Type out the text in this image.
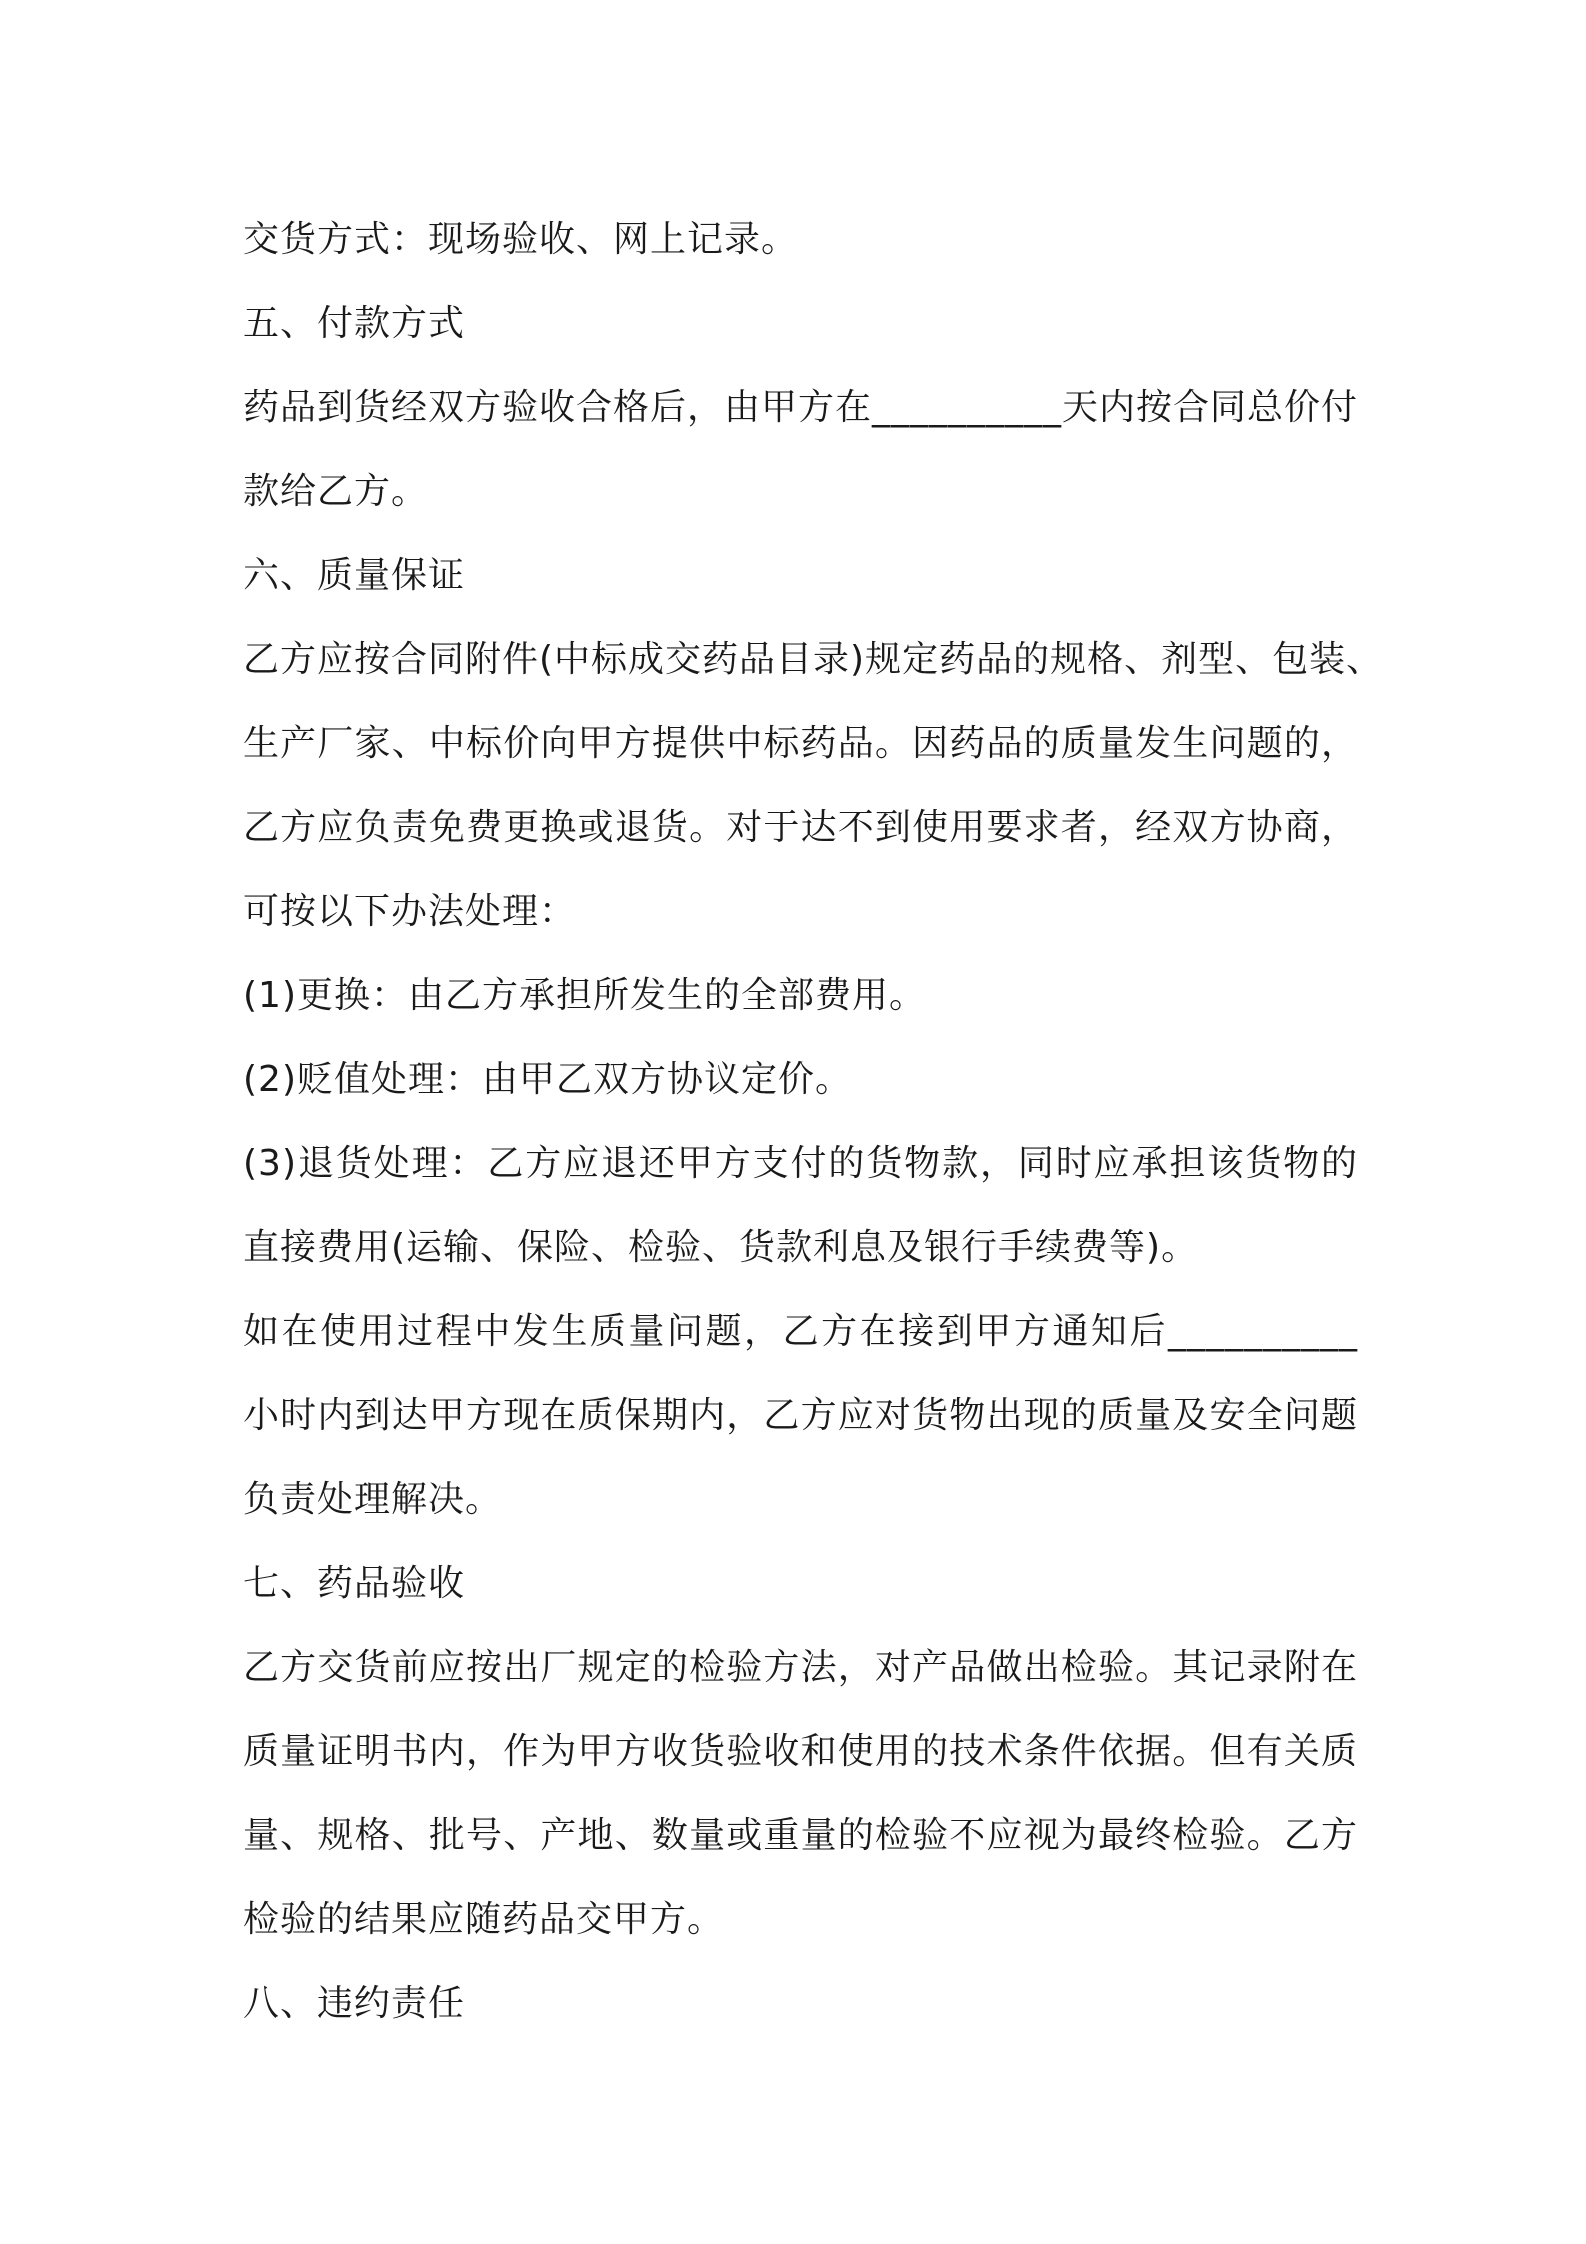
交货方式：现场验收、网上记录。
五、付款方式
药品到货经双方验收合格后，由甲方在__________天内按合同总价付
款给乙方。
六、质量保证
乙方应按合同附件(中标成交药品目录)规定药品的规格、剂型、包装、
生产厂家、中标价向甲方提供中标药品。因药品的质量发生问题的，
乙方应负责免费更换或退货。对于达不到使用要求者，经双方协商，
可按以下办法处理：
(1)更换：由乙方承担所发生的全部费用。
(2)贬值处理：由甲乙双方协议定价。
(3)退货处理：乙方应退还甲方支付的货物款，同时应承担该货物的
直接费用(运输、保险、检验、货款利息及银行手续费等)。
如在使用过程中发生质量问题，乙方在接到甲方通知后__________
小时内到达甲方现在质保期内，乙方应对货物出现的质量及安全问题
负责处理解决。
七、药品验收
乙方交货前应按出厂规定的检验方法，对产品做出检验。其记录附在
质量证明书内，作为甲方收货验收和使用的技术条件依据。但有关质
量、规格、批号、产地、数量或重量的检验不应视为最终检验。乙方
检验的结果应随药品交甲方。
八、违约责任
